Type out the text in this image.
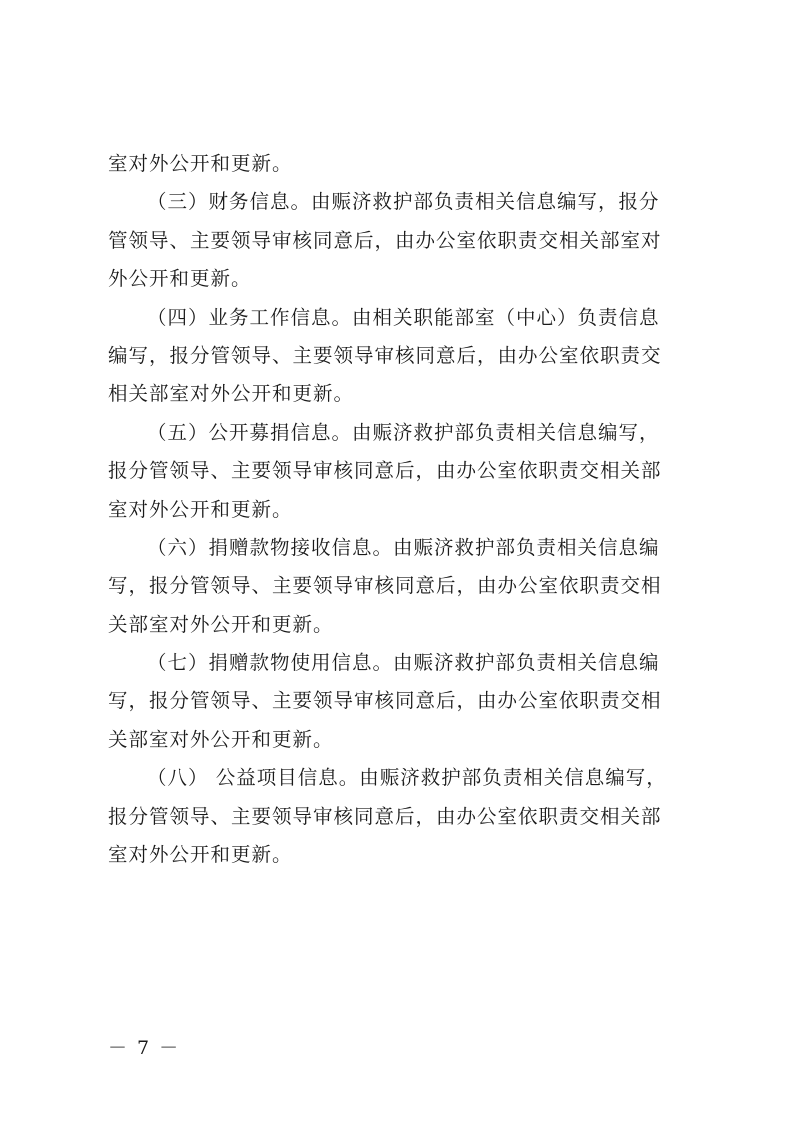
室对外公开和更新。
（三）财务信息。由赈济救护部负责相关信息编写，报分
管领导、主要领导审核同意后，由办公室依职责交相关部室对
外公开和更新。
（四）业务工作信息。由相关职能部室（中心）负责信息
编写，报分管领导、主要领导审核同意后，由办公室依职责交
相关部室对外公开和更新。
（五）公开募捐信息。由赈济救护部负责相关信息编写，
报分管领导、主要领导审核同意后，由办公室依职责交相关部
室对外公开和更新。
（六）捐赠款物接收信息。由赈济救护部负责相关信息编
写，报分管领导、主要领导审核同意后，由办公室依职责交相
关部室对外公开和更新。
（七）捐赠款物使用信息。由赈济救护部负责相关信息编
写，报分管领导、主要领导审核同意后，由办公室依职责交相
关部室对外公开和更新。
（八） 公益项目信息。由赈济救护部负责相关信息编写，
报分管领导、主要领导审核同意后，由办公室依职责交相关部
室对外公开和更新。
－ 7 －
